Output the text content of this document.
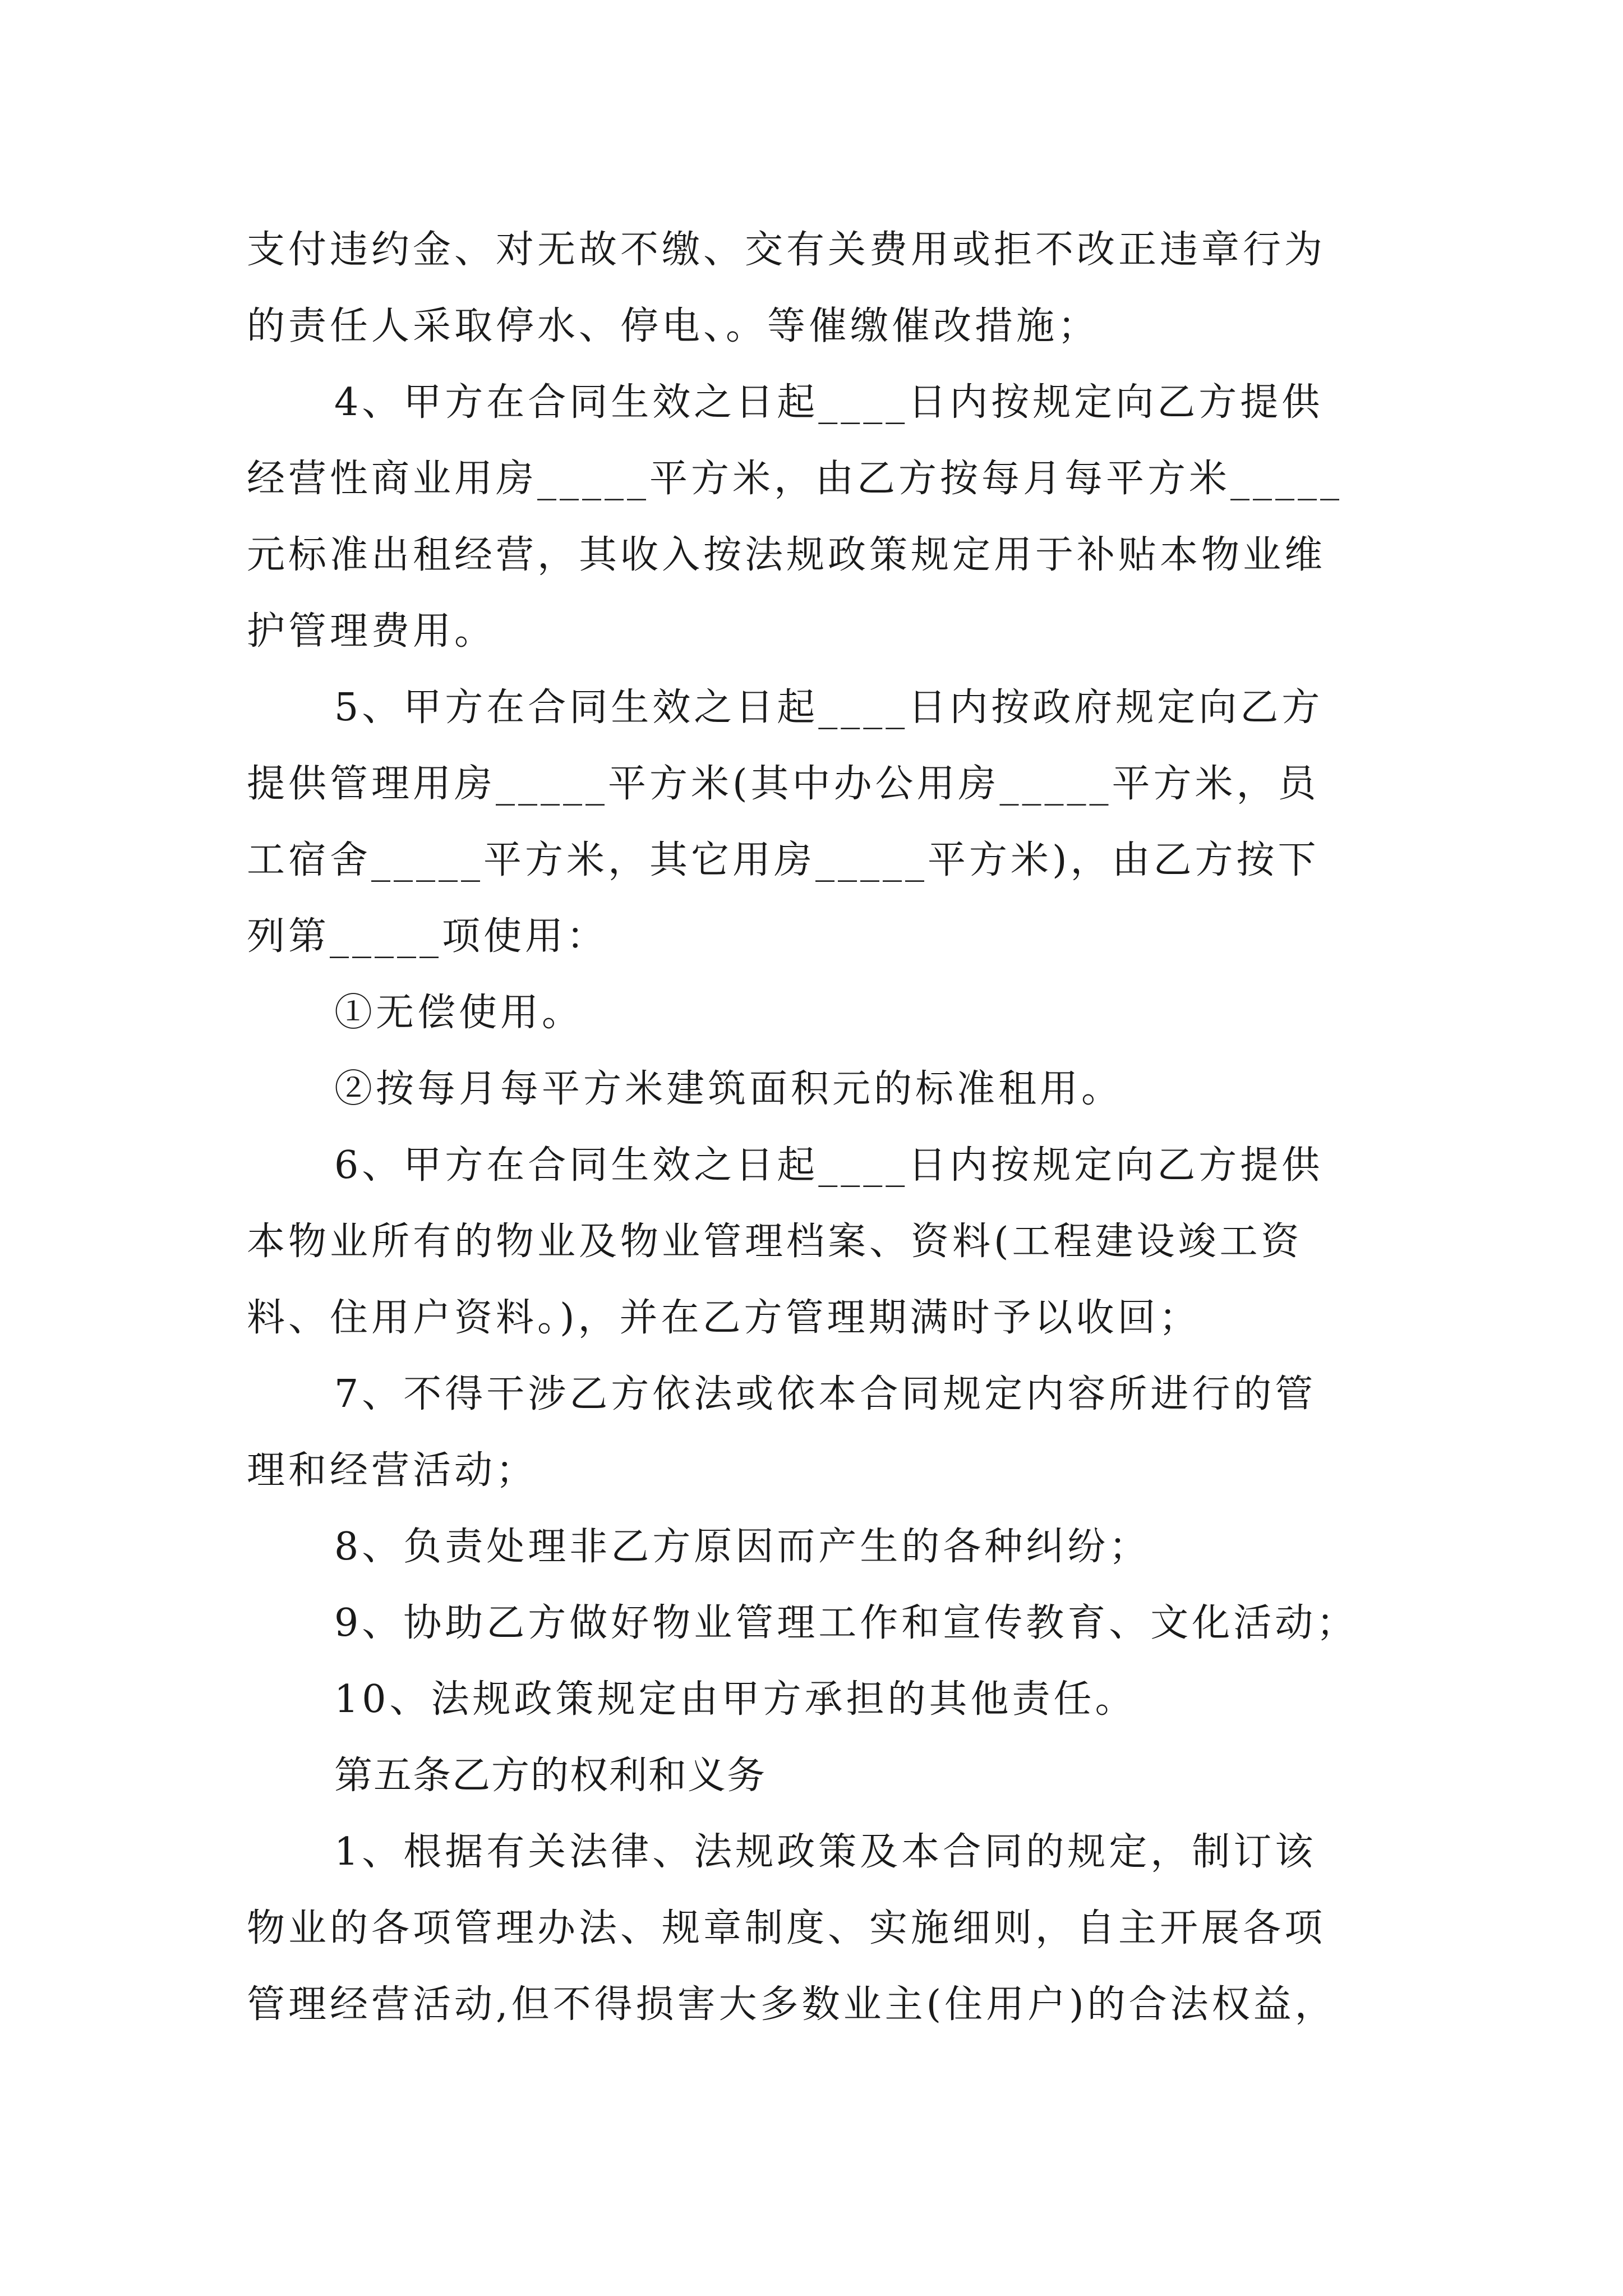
支付违约金、对无故不缴、交有关费用或拒不改正违章行为
的责任人采取停水、停电、。等催缴催改措施；
4、甲方在合同生效之日起____日内按规定向乙方提供
经营性商业用房_____平方米，由乙方按每月每平方米_____
元标准出租经营，其收入按法规政策规定用于补贴本物业维
护管理费用。
5、甲方在合同生效之日起____日内按政府规定向乙方
提供管理用房_____平方米(其中办公用房_____平方米，员
工宿舍_____平方米，其它用房_____平方米)，由乙方按下
列第_____项使用：
①无偿使用。
②按每月每平方米建筑面积元的标准租用。
6、甲方在合同生效之日起____日内按规定向乙方提供
本物业所有的物业及物业管理档案、资料(工程建设竣工资
料、住用户资料。)，并在乙方管理期满时予以收回；
7、不得干涉乙方依法或依本合同规定内容所进行的管
理和经营活动；
8、负责处理非乙方原因而产生的各种纠纷；
9、协助乙方做好物业管理工作和宣传教育、文化活动；
10、法规政策规定由甲方承担的其他责任。
第五条乙方的权利和义务
1、根据有关法律、法规政策及本合同的规定，制订该
物业的各项管理办法、规章制度、实施细则，自主开展各项
管理经营活动,但不得损害大多数业主(住用户)的合法权益，
